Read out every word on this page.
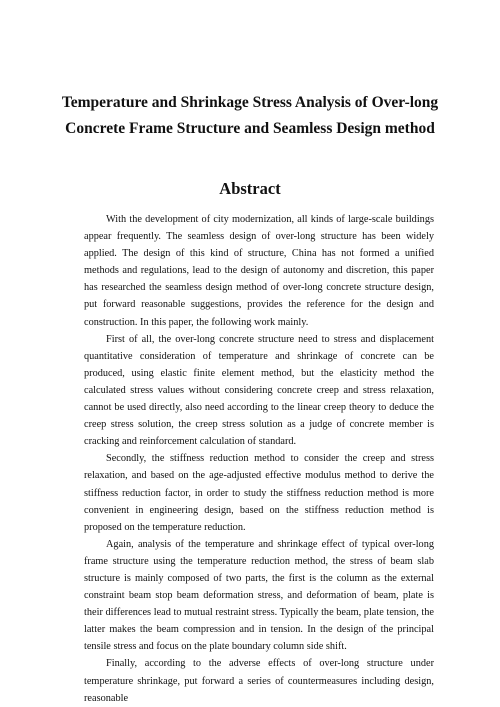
Temperature and Shrinkage Stress Analysis of Over-long Concrete Frame Structure and Seamless Design method
Abstract

With the development of city modernization, all kinds of large-scale buildings appear frequently. The seamless design of over-long structure has been widely applied. The design of this kind of structure, China has not formed a unified methods and regulations, lead to the design of autonomy and discretion, this paper has researched the seamless design method of over-long concrete structure design, put forward reasonable suggestions, provides the reference for the design and construction. In this paper, the following work mainly.

First of all, the over-long concrete structure need to stress and displacement quantitative consideration of temperature and shrinkage of concrete can be produced, using elastic finite element method, but the elasticity method the calculated stress values without considering concrete creep and stress relaxation, cannot be used directly, also need according to the linear creep theory to deduce the creep stress solution, the creep stress solution as a judge of concrete member is cracking and reinforcement calculation of standard.

Secondly, the stiffness reduction method to consider the creep and stress relaxation, and based on the age-adjusted effective modulus method to derive the stiffness reduction factor, in order to study the stiffness reduction method is more convenient in engineering design, based on the stiffness reduction method is proposed on the temperature reduction.

Again, analysis of the temperature and shrinkage effect of typical over-long frame structure using the temperature reduction method, the stress of beam slab structure is mainly composed of two parts, the first is the column as the external constraint beam stop beam deformation stress, and deformation of beam, plate is their differences lead to mutual restraint stress. Typically the beam, plate tension, the latter makes the beam compression and in tension. In the design of the principal tensile stress and focus on the plate boundary column side shift.

Finally, according to the adverse effects of over-long structure under temperature shrinkage, put forward a series of countermeasures including design, reasonable
